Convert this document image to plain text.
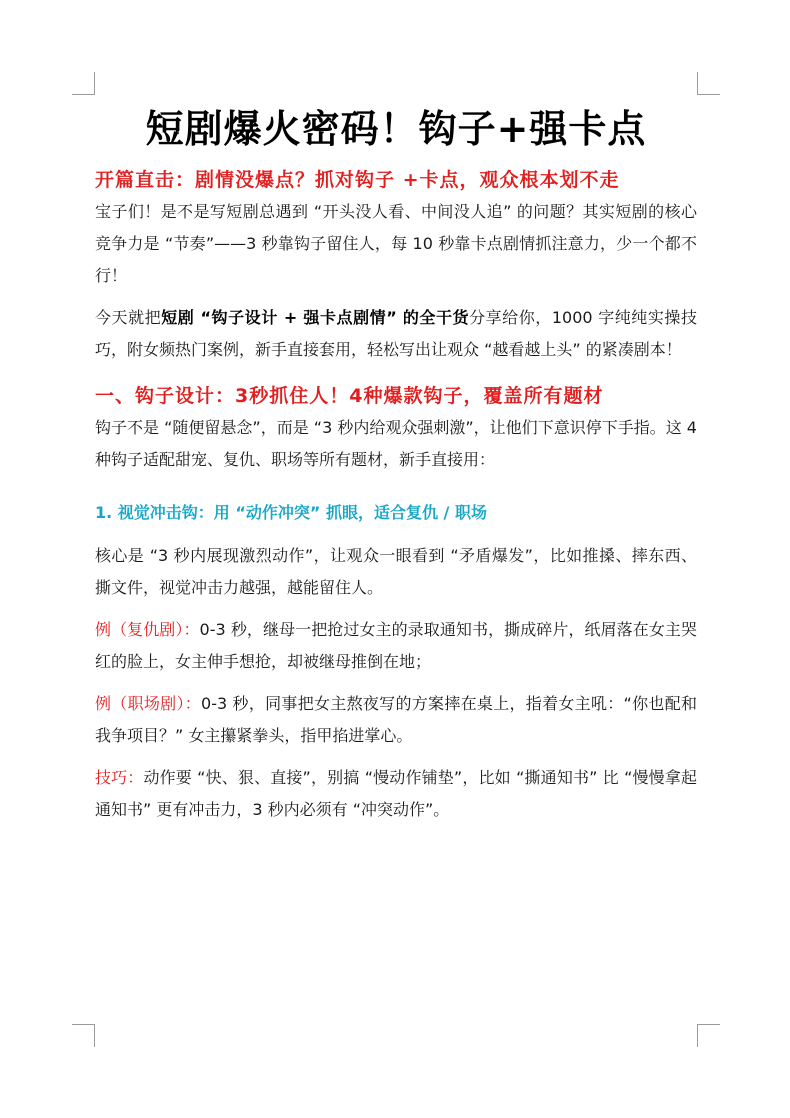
短剧爆火密码！钩子+强卡点
开篇直击：剧情没爆点？抓对钩子 +卡点，观众根本划不走

宝子们！是不是写短剧总遇到 “开头没人看、中间没人追” 的问题？其实短剧的核心竞争力是 “节奏”——3 秒靠钩子留住人，每 10 秒靠卡点剧情抓注意力，少一个都不行！

今天就把短剧 “钩子设计 + 强卡点剧情” 的全干货分享给你，1000 字纯纯实操技巧，附女频热门案例，新手直接套用，轻松写出让观众 “越看越上头” 的紧凑剧本！

一、钩子设计：3秒抓住人！4种爆款钩子，覆盖所有题材

钩子不是 “随便留悬念”，而是 “3 秒内给观众强刺激”，让他们下意识停下手指。这 4 种钩子适配甜宠、复仇、职场等所有题材，新手直接用：

1. 视觉冲击钩：用 “动作冲突” 抓眼，适合复仇 / 职场

核心是 “3 秒内展现激烈动作”，让观众一眼看到 “矛盾爆发”，比如推搡、摔东西、撕文件，视觉冲击力越强，越能留住人。

例（复仇剧）：0-3 秒，继母一把抢过女主的录取通知书，撕成碎片，纸屑落在女主哭红的脸上，女主伸手想抢，却被继母推倒在地；

例（职场剧）：0-3 秒，同事把女主熬夜写的方案摔在桌上，指着女主吼：“你也配和我争项目？” 女主攥紧拳头，指甲掐进掌心。

技巧：动作要 “快、狠、直接”，别搞 “慢动作铺垫”，比如 “撕通知书” 比 “慢慢拿起通知书” 更有冲击力，3 秒内必须有 “冲突动作”。
